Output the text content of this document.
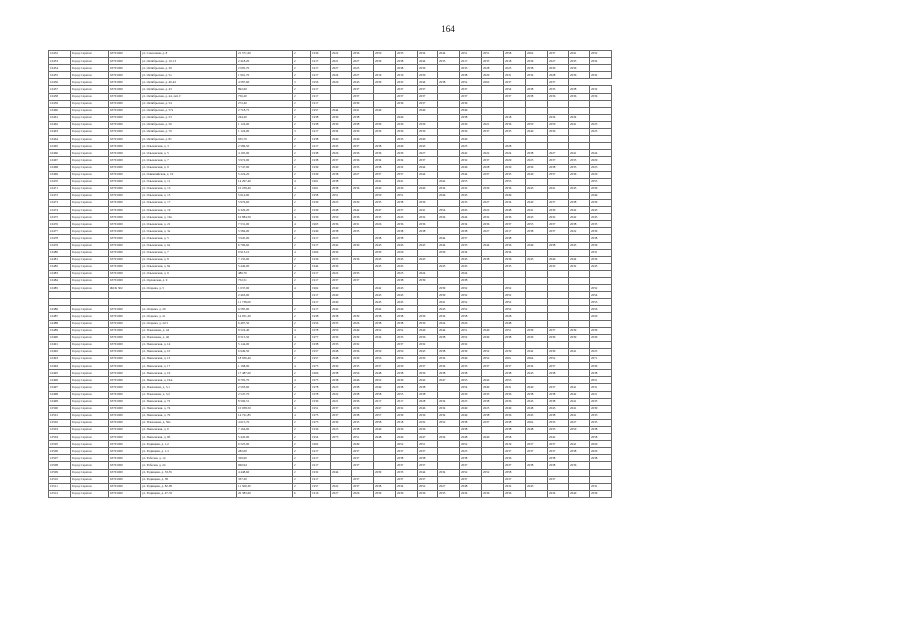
164
10452	Город Саратов	63701000	ул. Соколовая, д. 8	21 571,60	2	1936	2022	2036	2050	2035	2034	2044	2051	2051	2058	2062	2037	2041	2052
10453	Город Саратов	63701000	ул. Октябрьская, д. 10-13	2 418,20	2	1917	2021	2027	2039	2038	2044	2035	2017	2035	2018	2036	2027	2033	2032
10454	Город Саратов	63701000	ул. Октябрьская, д. 39	2 095,70	2	1917	2027	2025		2038	2036		2035	2028	2025	2038	2030	2036	
10455	Город Саратов	63701000	ул. Октябрьская, д. 5а	1 991,70	2	1917	2024	2027	2019	2019	2036		2038	2029	2031	2034	2028	2036	2032
10456	Город Саратов	63701000	ул. Октябрьская, д. 40-42	4 587,60	3	1956	2026	2043	2039	2032	2044	2038	2052	2062	2037		2037		
10457	Город Саратов	63701000	ул. Октябрьская, д. 43	892,60	2	1917		2037		2037	2037		2037		2054	2038	2035	2038	2032
10458	Город Саратов	63701000	ул. Октябрьская, д. 44, лит. Г	756,20	2	1917		2037		2037	2037		2037		2037	2038	2036	2036	2036
10459	Город Саратов	63701000	ул. Октябрьская, д. 54	272,40	2	1917		2039		2039	2037		2039						
10460	Город Саратов	63701000	ул. Октябрьская, д. 57а	2 718,75	2	1957	2044	2041	2049		2049		2049						
10461	Город Саратов	63701000	ул. Октябрьская, д. 53	244,20	2	1938	2039	2038		2040			2038		2018		2034	2034	
10462	Город Саратов	63701000	ул. Октябрьская, д. 56	1 124,00	2	1938	2030	2038	2036	2036	2036		2036	2021	2036	2050	2050	2041	2025
10463	Город Саратов	63701000	ул. Октябрьская, д. 70	1 124,00	3	1917	2034	2030	2036	2036	2036		2036	2037	2035	2040	2036		2025
10464	Город Саратов	63701000	ул. Октябрьская, д. 81	935,70	2	1938	2040	2040		2035	2040		2040						
10465	Город Саратов	63701000	ул. Ольховская, д. 3	2 586,50	2	1917	2045	2037	2038	2040	2045		2025		2028				
10466	Город Саратов	63701000	ул. Ольховская, д. 5	4 195,00	2	1938	2026	2036	2036	2030	2027		2042	2022	2024	2038	2027	2041	2024
10467	Город Саратов	63701000	ул. Ольховская, д. 7	3 972,00	2	1938	2037	2036	2034	2034	2037		2032	2037	2029	2025	2037	2033	2029
10468	Город Саратов	63701000	ул. Ольховская, д. 9	3 747,00	2	1939	2040	2033	2038	2032	2044		2046	2028	2030	2039	2038	2033	2023
10469	Город Саратов	63701000	ул. Олимпийская, д. 19	5 224,20	2	1939	2038	2027	2037	2037	2044		2044	2037	2035	2040	2037	2036	2029
10470	Город Саратов	63701000	ул. Ольховская, д. 11	14 297,40	4	1961	2038		2041	2041		2042	2055		2055				2053
10471	Город Саратов	63701000	ул. Ольховская, д. 13	10 239,40	4	1961	2038	2036	2040	2036	2040	2034	2032	2036	2036	2043	2041	2045	2036
10472	Город Саратов	63701000	ул. Ольховская, д. 15	5 614,90	2	1958	2051		2050	2051		2046	2045		2049				2049
10473	Город Саратов	63701000	ул. Ольховская, д. 17	5 976,60	2	1939	2023	2030	2035	2038	2036		2035	2027	2034	2040	2037	2038	2039
10474	Город Саратов	63701000	ул. Ольховская, д. 19	6 326,20	2	1939	2048	2042	2047	2037	2041	2054	2043	2022	2048	2041	2039	2042	2043
10475	Город Саратов	63701000	ул. Ольховская, д. 19а	10 884,50	4	1936	2050	2036	2035	2043	2032	2034	2044	2032	2036	2043	2032	2042	2043
10476	Город Саратов	63701000	ул. Ольховская, д. 21	7 531,00	4	1965	2036	2031	2026	2036	2036		2034	2036	2037	2053	2037	2038	2035
10477	Город Саратов	63701000	ул. Ольховская, д. 3а	5 584,00	2	1940	2038	2035		2038	2038		2038	2027	2017	2038	2037	2022	2039
10478	Город Саратов	63701000	ул. Ольховская, д. 5	3 945,00	2	1917	2025		2038	2038		2044	2037		2038				2038
10479	Город Саратов	63701000	ул. Ольховская, д. 6а	6 796,60	2	1917	2042	2030	2043	2043	2043	2044	2035	2044	2036	2049	2038	2045	2036
10480	Город Саратов	63701000	ул. Ольховская, д. 7	9 913,10	4	1966	2036		2030	2029		2036	2034		2034				2031
10481	Город Саратов	63701000	ул. Ольховская, д. 8	7 135,00	2	1936	2035	2036	2045	2045	2043		2045	2038	2036	2043	2040	2044	2036
10482	Город Саратов	63701000	ул. Ольховская, д. 8а	5 446,00	2	1944	2036		2045	2045		2045	2045		2035		2032	2032	2045
10483	Город Саратов	63701000	ул. Ольховская, д. 9	480,70	2	1917	2022	2033		2025	2024		2024						
10484	Город Саратов	63701000	ул. Орловская, д. 9	752,51	2	1917	2037	2037		2038	2039		2038						
10485	Город Саратов	ЖСК 302	ул. Огарева, д. 5	1 037,00	4	1962	2040		2042	2045		2039	2052		2052				2052
				2 463,00		1917	2040		2045	2045		2039	2052		2052				2054
				11 738,00		1917	2040		2045	2045		2041	2052		2052				2055
10486	Город Саратов	63701000	ул. Огарева, д. 20	6 585,90	2	1917	2042		2042	2040		2045	2052		2052				2056
10487	Город Саратов	63701000	ул. Огарева, д. 21	14 931,30	2	1938	2038	2039	2038	2038	2036	2034	2058		2028				2029
10488	Город Саратов	63701000	ул. Огарева, д. 22/1	6 497,50	2	1956	2035	2026	2038	2038	2036	2024	2026		2048				
10489	Город Саратов	63701000	ул. Плеханова, д. 44	9 524,40	4	1978	2050	2049	2052	2052	2046	2044	2051	2049	2051	2039	2037	2039	2039
10490	Город Саратов	63701000	ул. Плеханова, д. 46	9 515,50	4	1977	2030	2039	2034	2033	2036	2038	2052	2049	2038	2039	2039	2039	2039
10491	Город Саратов	63701000	ул. Пензенская, д. 14	5 144,00	2	1938	2035	2032		2037	2032		2032						
10492	Город Саратов	63701000	ул. Пензенская, д. 10	6 949,50	2	1957	2048	2036	2050	2050	2043	2038	2039	2052	2039	2042	2039	2041	2025
10493	Город Саратов	63701000	ул. Пензенская, д. 13	18 936,40	2	1957	2048	2030	2056	2056	2030	2034	2049	2052	2061	2064	2052		2071
10494	Город Саратов	63701000	ул. Пензенская, д. 17	1 198,00	4	1975	2030	2035	2037	2030	2037	2034	2035	2037	2037	2034	2037		2039
10495	Город Саратов	63701000	ул. Пензенская, д. 19	17 487,00	2	1966	2038	2056	2048	2038	2036	2038	2038		2038	2043	2038		2038
10496	Город Саратов	63701000	ул. Пензенская, д. 19А	8 795,70	4	1975	2038	2046	2052	2039	2042	2047	2053	2042	2053				2051
10497	Город Саратов	63701000	ул. Плеханова, д. 5,1	2 593,60	2	1978	2023	2038	2049	2038	2038		2054	2049	2031	2040	2037	2041	2031
10498	Город Саратов	63701000	ул. Плеханова, д. 5,2	2 547,70	2	1978	2022	2038	2058	2055	2038		2030	2033	2036	2038	2038	2042	2021
10499	Город Саратов	63701000	ул. Пензенская, д. 72	8 506,51	2	1936	2021	2036	2017	2017	2028	2034	2023	2038	2036	2043	2038	2041	2035
10500	Город Саратов	63701000	ул. Пензенская, д. 74	10 938,50	4	1951	2037	2036	2047	2032	2046	2034	2049	2025	2049	2048	2043	2041	2039
10501	Город Саратов	63701000	ул. Пензенская, д. 76	14 721,85	4	1975	2037	2038	2057	2039	2036	2034	2049	2038	2036	2043	2038	2041	2033
10502	Город Саратов	63701000	ул. Плеханова, д. 56а	4 615,70	2	1973	2039	2035	2058	2018	2032	2052	2038	2037	2038	2062	2035	2027	2035
10503	Город Саратов	63701000	ул. Пензенская, д. 9	7 164,00	2	1936	2025	2038	2040	2030	2036		2038		2038	2048	2035	2050	2038
10504	Город Саратов	63701000	ул. Пензенская, д. 9б	5 445,00	2	1954	2073	2051	2048	2046	2047	2034	2048	2040	2058		2042		2058
10505	Город Саратов	63701000	ул. Радищева, д. 1,2	6 525,00	2	1962		2049		2052	2051		2052		2019	2037	2037	2041	2029
10506	Город Саратов	63701000	ул. Радищева, д. 1,3	282,00	2	1917		2037		2037	2037		2025		2037	2037	2037	2038	2029
10507	Город Саратов	63701000	ул. Рабочая, д. 14	329,00	2	1917		2037		2038	2038		2038		2036		2038		2038
10508	Город Саратов	63701000	ул. Рабочая, д. 24	960,94	2	1917		2037		2037	2037		2037		2037	2038	2038	2036	
10509	Город Саратов	63701000	ул. Радищева, д. 33,35	4 448,60	2	1932	2044		2039	2035	2044	2034	2052	2052	2058				
10510	Город Саратов	63701000	ул. Радищева, д. 38	337,20	2	1917		2037		2037	2037		2037		2037		2037		
10511	Город Саратов	63701000	ул. Радищева, д. 82-85	11 509,30	2	1957	2022	2037	2038	2034	2052	2027	2048		2032	2043			2031
10512	Город Саратов	63701000	ул. Радищева, д. 47-55	20 383,60	6	1916	2027	2026	2039	2039	2036	2033	2034	2036	2036		2034	2040	2039
